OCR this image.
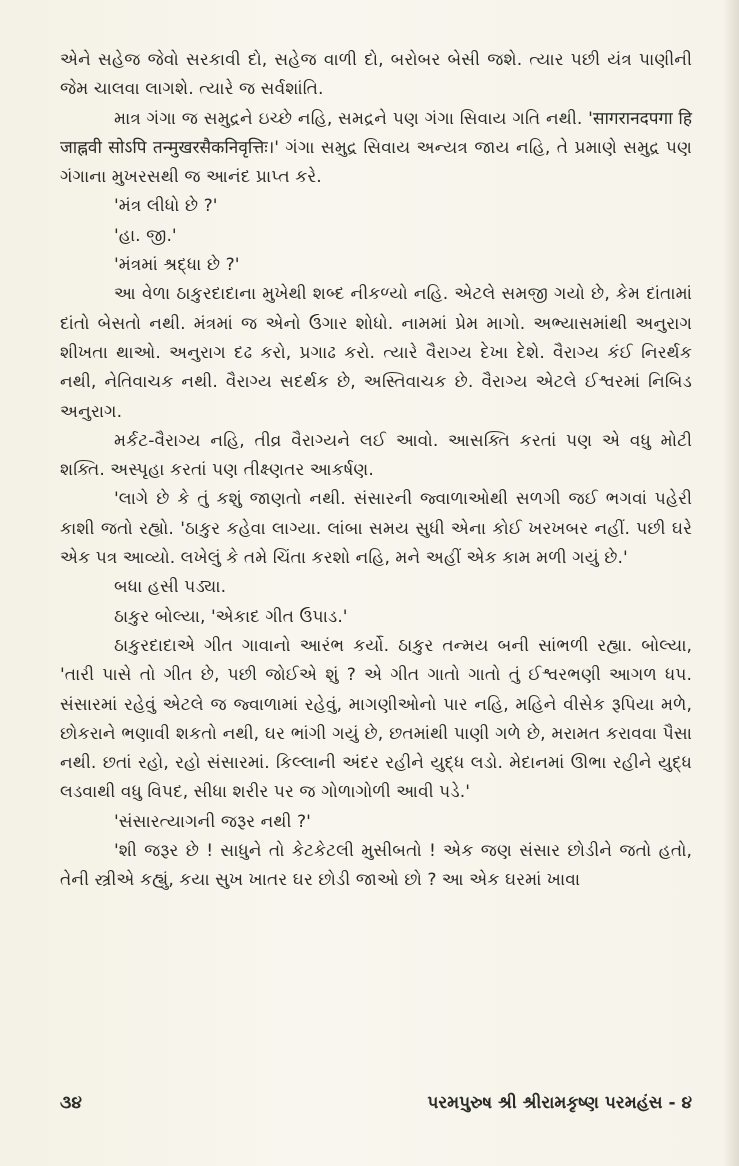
એને સહેજ જેવો સરકાવી દો, સહેજ વાળી દો, બરોબર બેસી જશે. ત્યાર પછી યંત્ર પાણીની જેમ ચાલવા લાગશે. ત્યારે જ સર્વશાંતિ.

માત્ર ગંગા જ સમુદ્રને ઇચ્છે નહિ, સમદ્રને પણ ગંગા સિવાય ગતિ નથી. 'सागरानदपगा हि जाह्नवी सोऽपि तन्मुखरसैकनिवृत्तिः।' ગંગા સમુદ્ર સિવાય અન્યત્ર જાય નહિ, તે પ્રમાણે સમુદ્ર પણ ગંગાના મુખરસથી જ આનંદ પ્રાપ્ત કરે.

'મંત્ર લીધો છે ?'

'હા. જી.'

'મંત્રમાં શ્રદ્ધા છે ?'

આ વેળા ઠાકુરદાદાના મુખેથી શબ્દ નીકળ્યો નહિ. એટલે સમજી ગયો છે, કેમ દાંતામાં દાંતો બેસતો નથી. મંત્રમાં જ એનો ઉગાર શોધો. નામમાં પ્રેમ માગો. અભ્યાસમાંથી અનુરાગ શીખતા થાઓ. અનુરાગ દઢ કરો, પ્રગાઢ કરો. ત્યારે વૈરાગ્ય દેખા દેશે. વૈરાગ્ય કંઈ નિરર્થક નથી, નેતિવાચક નથી. વૈરાગ્ય સદર્થક છે, અસ્તિવાચક છે. વૈરાગ્ય એટલે ઈશ્વરમાં નિબિડ અનુરાગ.

મર્કટ-વૈરાગ્ય નહિ, તીવ્ર વૈરાગ્યને લઈ આવો. આસક્તિ કરતાં પણ એ વધુ મોટી શક્તિ. અસ્પૃહા કરતાં પણ તીક્ષ્ણતર આકર્ષણ.

'લાગે છે કે તું કશું જાણતો નથી. સંસારની જ્વાળાઓથી સળગી જઈ ભગવાં પહેરી કાશી જતો રહ્યો. 'ઠાકુર કહેવા લાગ્યા. લાંબા સમય સુધી એના કોઈ ખરખબર નહીં. પછી ઘરે એક પત્ર આવ્યો. લખેલું કે તમે ચિંતા કરશો નહિ, મને અહીં એક કામ મળી ગયું છે.'

બધા હસી પડ્યા.

ઠાકુર બોલ્યા, 'એકાદ ગીત ઉપાડ.'

ઠાકુરદાદાએ ગીત ગાવાનો આરંભ કર્યો. ઠાકુર તન્મય બની સાંભળી રહ્યા. બોલ્યા, 'તારી પાસે તો ગીત છે, પછી જોઈએ શું ? એ ગીત ગાતો ગાતો તું ઈશ્વરભણી આગળ ધપ. સંસારમાં રહેવું એટલે જ જ્વાળામાં રહેવું, માગણીઓનો પાર નહિ, મહિને વીસેક રૂપિયા મળે, છોકરાને ભણાવી શકતો નથી, ઘર ભાંગી ગયું છે, છતમાંથી પાણી ગળે છે, મરામત કરાવવા પૈસા નથી. છતાં રહો, રહો સંસારમાં. કિલ્લાની અંદર રહીને યુદ્ધ લડો. મેદાનમાં ઊભા રહીને યુદ્ધ લડવાથી વધુ વિપદ, સીધા શરીર પર જ ગોળાગોળી આવી પડે.'

'સંસારત્યાગની જરૂર નથી ?'

'શી જરૂર છે ! સાધુને તો કેટકેટલી મુસીબતો ! એક જણ સંસાર છોડીને જતો હતો, તેની સ્ત્રીએ કહ્યું, કયા સુખ ખાતર ઘર છોડી જાઓ છો ? આ એક ઘરમાં ખાવા

૩૪	પરમપુરુષ શ્રી શ્રીરામકૃષ્ણ પરમહંસ - ૪
